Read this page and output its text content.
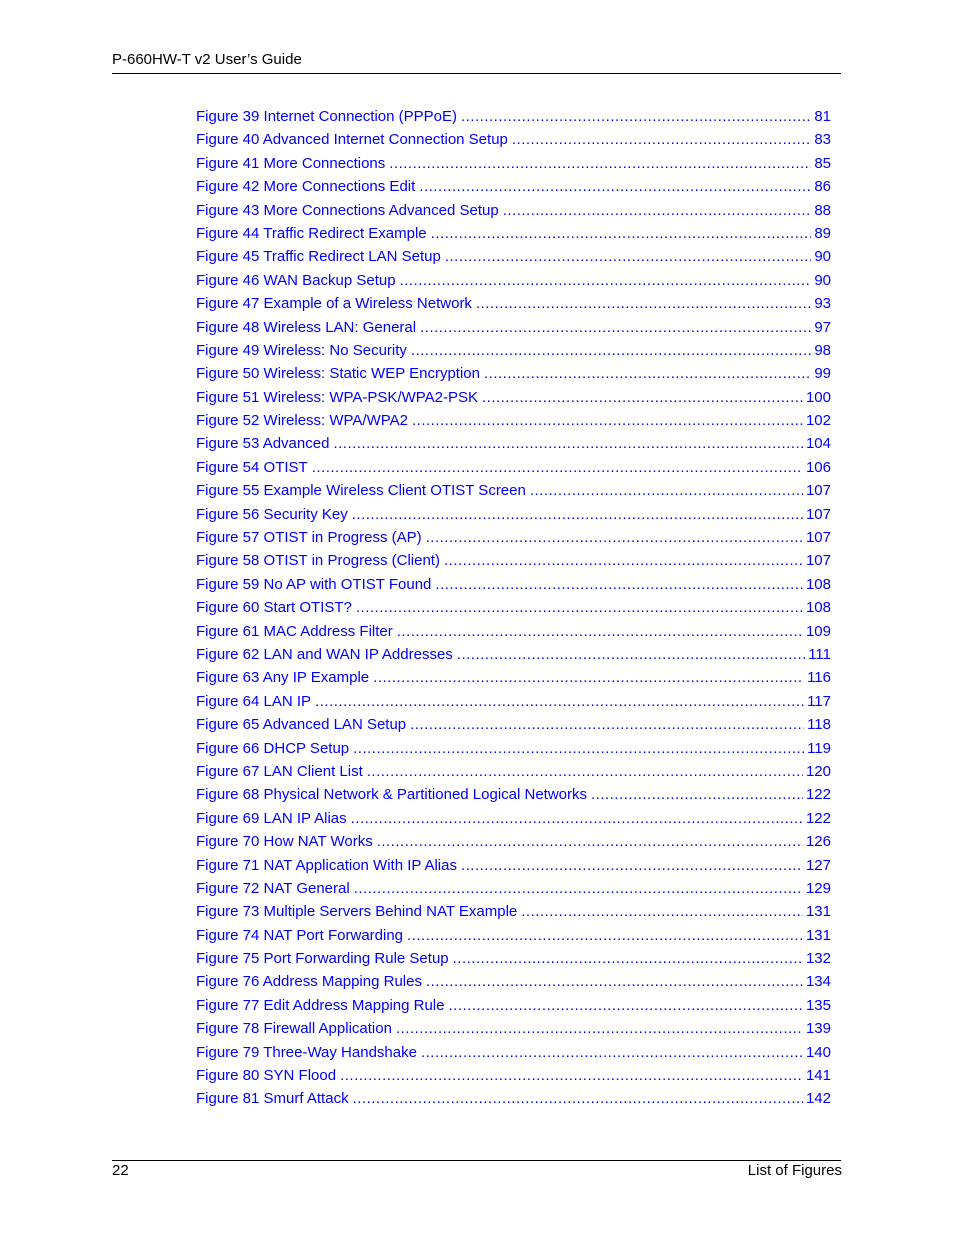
P-660HW-T v2 User’s Guide
Figure 39 Internet Connection (PPPoE) .....	81
Figure 40 Advanced Internet Connection Setup .....	83
Figure 41 More Connections .....	85
Figure 42 More Connections Edit .....	86
Figure 43 More Connections Advanced Setup .....	88
Figure 44 Traffic Redirect Example .....	89
Figure 45 Traffic Redirect LAN Setup .....	90
Figure 46 WAN Backup Setup .....	90
Figure 47 Example of a Wireless Network .....	93
Figure 48 Wireless LAN: General .....	97
Figure 49 Wireless: No Security .....	98
Figure 50 Wireless: Static WEP Encryption .....	99
Figure 51 Wireless: WPA-PSK/WPA2-PSK .....	100
Figure 52 Wireless: WPA/WPA2 .....	102
Figure 53 Advanced .....	104
Figure 54 OTIST .....	106
Figure 55 Example Wireless Client OTIST Screen .....	107
Figure 56 Security Key .....	107
Figure 57 OTIST in Progress (AP) .....	107
Figure 58 OTIST in Progress (Client) .....	107
Figure 59 No AP with OTIST Found .....	108
Figure 60 Start OTIST? .....	108
Figure 61 MAC Address Filter .....	109
Figure 62 LAN and WAN IP Addresses .....	111
Figure 63 Any IP Example .....	116
Figure 64 LAN IP .....	117
Figure 65 Advanced LAN Setup .....	118
Figure 66 DHCP Setup .....	119
Figure 67 LAN Client List .....	120
Figure 68 Physical Network & Partitioned Logical Networks .....	122
Figure 69 LAN IP Alias .....	122
Figure 70 How NAT Works .....	126
Figure 71 NAT Application With IP Alias .....	127
Figure 72 NAT General .....	129
Figure 73 Multiple Servers Behind NAT Example .....	131
Figure 74 NAT Port Forwarding .....	131
Figure 75 Port Forwarding Rule Setup .....	132
Figure 76 Address Mapping Rules .....	134
Figure 77 Edit Address Mapping Rule .....	135
Figure 78 Firewall Application .....	139
Figure 79 Three-Way Handshake .....	140
Figure 80 SYN Flood .....	141
Figure 81 Smurf Attack .....	142
22	List of Figures
